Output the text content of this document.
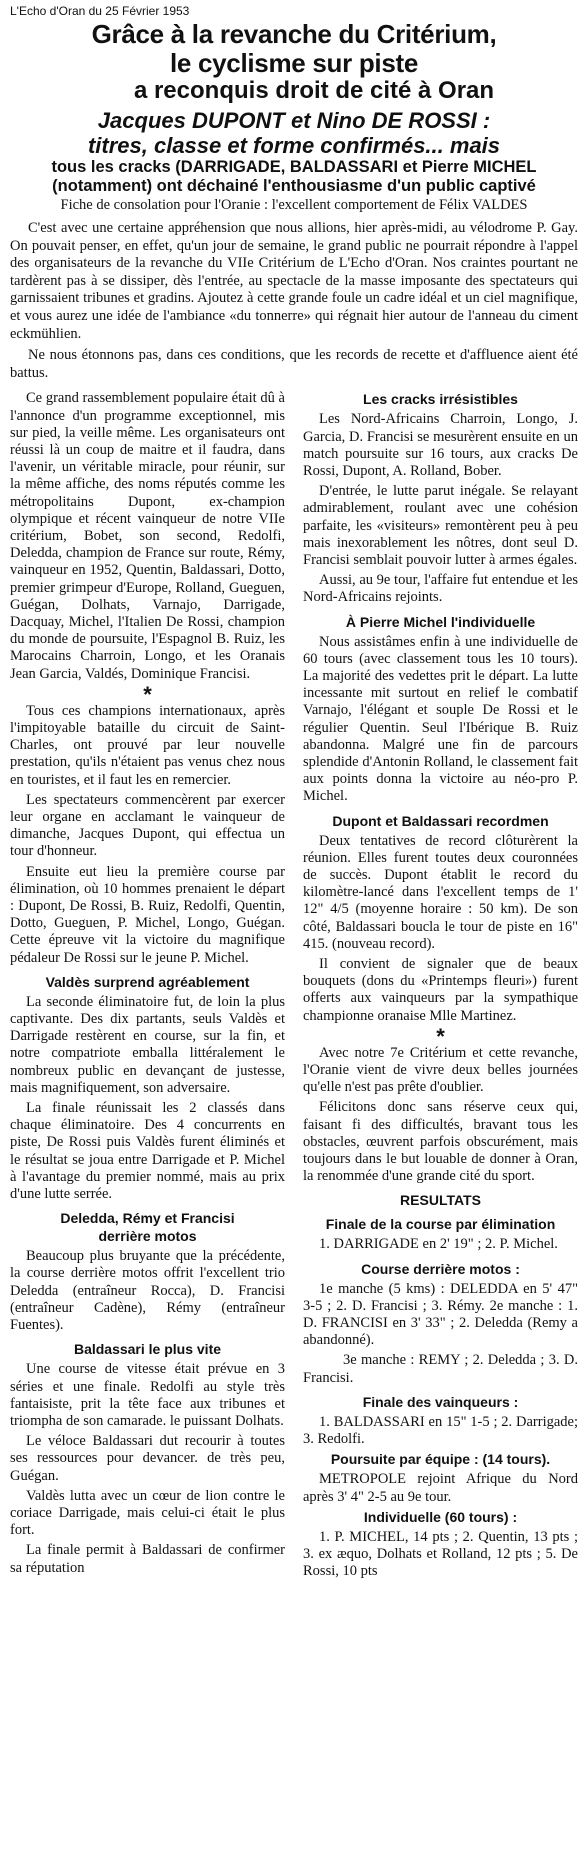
L'Echo d'Oran du 25 Février 1953
Grâce à la revanche du Critérium,
le cyclisme sur piste
a reconquis droit de cité à Oran
Jacques DUPONT et Nino DE ROSSI :
titres, classe et forme confirmés... mais
tous les cracks (DARRIGADE, BALDASSARI et Pierre MICHEL
(notamment) ont déchainé l'enthousiasme d'un public captivé
Fiche de consolation pour l'Oranie : l'excellent comportement de Félix VALDES

C'est avec une certaine appréhension que nous allions, hier après-midi, au vélodrome P. Gay. On pouvait penser, en effet, qu'un jour de semaine, le grand public ne pourrait répondre à l'appel des organisateurs de la revanche du VIIe Critérium de L'Echo d'Oran. Nos craintes pourtant ne tardèrent pas à se dissiper, dès l'entrée, au spectacle de la masse imposante des spectateurs qui garnissaient tribunes et gradins. Ajoutez à cette grande foule un cadre idéal et un ciel magnifique, et vous aurez une idée de l'ambiance «du tonnerre» qui régnait hier autour de l'anneau du ciment eckmühlien.

Ne nous étonnons pas, dans ces conditions, que les records de recette et d'affluence aient été battus.

Ce grand rassemblement populaire était dû à l'annonce d'un programme exceptionnel, mis sur pied, la veille même. Les organisateurs ont réussi là un coup de maitre et il faudra, dans l'avenir, un véritable miracle, pour réunir, sur la même affiche, des noms réputés comme les métropolitains Dupont, ex-champion olympique et récent vainqueur de notre VIIe critérium, Bobet, son second, Redolfi, Deledda, champion de France sur route, Rémy, vainqueur en 1952, Quentin, Baldassari, Dotto, premier grimpeur d'Europe, Rolland, Gueguen, Guégan, Dolhats, Varnajo, Darrigade, Dacquay, Michel, l'Italien De Rossi, champion du monde de poursuite, l'Espagnol B. Ruiz, les Marocains Charroin, Longo, et les Oranais Jean Garcia, Valdés, Dominique Francisi.

*

Tous ces champions internationaux, après l'impitoyable bataille du circuit de Saint-Charles, ont prouvé par leur nouvelle prestation, qu'ils n'étaient pas venus chez nous en touristes, et il faut les en remercier.

Les spectateurs commencèrent par exercer leur organe en acclamant le vainqueur de dimanche, Jacques Dupont, qui effectua un tour d'honneur.

Ensuite eut lieu la première course par élimination, où 10 hommes prenaient le départ : Dupont, De Rossi, B. Ruiz, Redolfi, Quentin, Dotto, Gueguen, P. Michel, Longo, Guégan. Cette épreuve vit la victoire du magnifique pédaleur De Rossi sur le jeune P. Michel.

Valdès surprend agréablement

La seconde éliminatoire fut, de loin la plus captivante. Des dix partants, seuls Valdès et Darrigade restèrent en course, sur la fin, et notre compatriote emballa littéralement le nombreux public en devançant de justesse, mais magnifiquement, son adversaire.

La finale réunissait les 2 classés dans chaque éliminatoire. Des 4 concurrents en piste, De Rossi puis Valdès furent éliminés et le résultat se joua entre Darrigade et P. Michel à l'avantage du premier nommé, mais au prix d'une lutte serrée.

Deledda, Rémy et Francisi
derrière motos

Beaucoup plus bruyante que la précédente, la course derrière motos offrit l'excellent trio Deledda (entraîneur Rocca), D. Francisi (entraîneur Cadène), Rémy (entraîneur Fuentes).

Baldassari le plus vite

Une course de vitesse était prévue en 3 séries et une finale. Redolfi au style très fantaisiste, prit la tête face aux tribunes et triompha de son camarade. le puissant Dolhats.

Le véloce Baldassari dut recourir à toutes ses ressources pour devancer. de très peu, Guégan.

Valdès lutta avec un cœur de lion contre le coriace Darrigade, mais celui-ci était le plus fort.

La finale permit à Baldassari de confirmer sa réputation

Les cracks irrésistibles

Les Nord-Africains Charroin, Longo, J. Garcia, D. Francisi se mesurèrent ensuite en un match poursuite sur 16 tours, aux cracks De Rossi, Dupont, A. Rolland, Bober.

D'entrée, le lutte parut inégale. Se relayant admirablement, roulant avec une cohésion parfaite, les «visiteurs» remontèrent peu à peu mais inexorablement les nôtres, dont seul D. Francisi semblait pouvoir lutter à armes égales.

Aussi, au 9e tour, l'affaire fut entendue et les Nord-Africains rejoints.

À Pierre Michel l'individuelle

Nous assistâmes enfin à une individuelle de 60 tours (avec classement tous les 10 tours). La majorité des vedettes prit le départ. La lutte incessante mit surtout en relief le combatif Varnajo, l'élégant et souple De Rossi et le régulier Quentin. Seul l'Ibérique B. Ruiz abandonna. Malgré une fin de parcours splendide d'Antonin Rolland, le classement fait aux points donna la victoire au néo-pro P. Michel.

Dupont et Baldassari recordmen

Deux tentatives de record clôturèrent la réunion. Elles furent toutes deux couronnées de succès. Dupont établit le record du kilomètre-lancé dans l'excellent temps de 1' 12" 4/5 (moyenne horaire : 50 km). De son côté, Baldassari boucla le tour de piste en 16" 415. (nouveau record).

Il convient de signaler que de beaux bouquets (dons du «Printemps fleuri») furent offerts aux vainqueurs par la sympathique championne oranaise Mlle Martinez.

*

Avec notre 7e Critérium et cette revanche, l'Oranie vient de vivre deux belles journées qu'elle n'est pas prête d'oublier.

Félicitons donc sans réserve ceux qui, faisant fi des difficultés, bravant tous les obstacles, œuvrent parfois obscurément, mais toujours dans le but louable de donner à Oran, la renommée d'une grande cité du sport.

RESULTATS
Finale de la course par élimination

1. DARRIGADE en 2' 19" ; 2. P. Michel.

Course derrière motos :

1e manche (5 kms) : DELEDDA en 5' 47" 3-5 ; 2. D. Francisi ; 3. Rémy. 2e manche : 1. D. FRANCISI en 3' 33" ; 2. Deledda (Remy a abandonné).

3e manche : REMY ; 2. Deledda ; 3. D. Francisi.

Finale des vainqueurs :

1. BALDASSARI en 15" 1-5 ; 2. Darrigade; 3. Redolfi.

Poursuite par équipe : (14 tours).

METROPOLE rejoint Afrique du Nord après 3' 4" 2-5 au 9e tour.

Individuelle (60 tours) :

1. P. MICHEL, 14 pts ; 2. Quentin, 13 pts ; 3. ex æquo, Dolhats et Rolland, 12 pts ; 5. De Rossi, 10 pts
